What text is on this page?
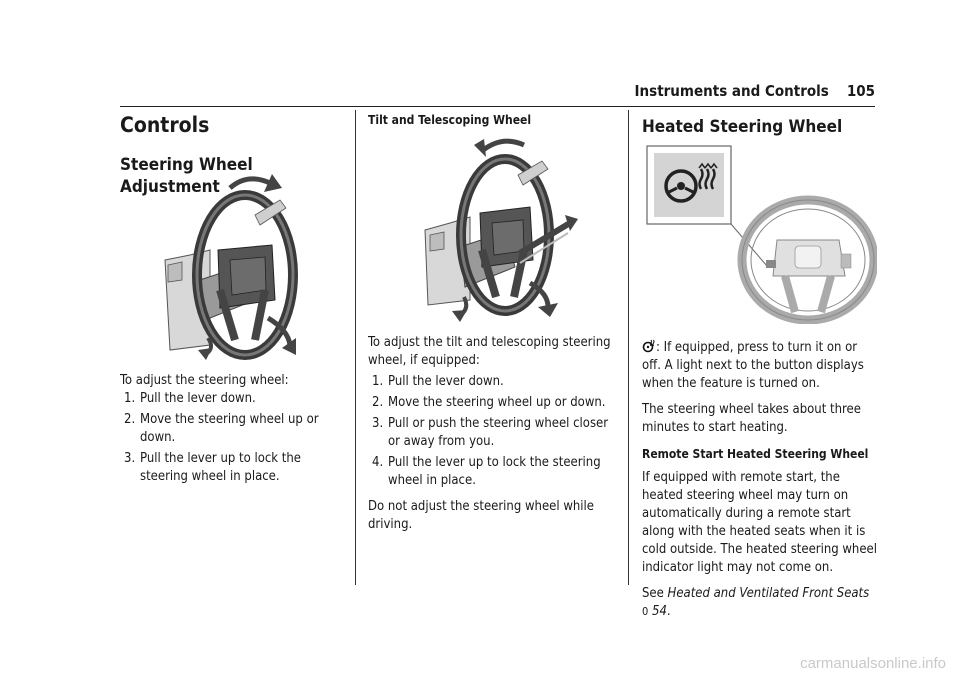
Instruments and Controls 105
Controls
Steering Wheel Adjustment

To adjust the steering wheel:

1. Pull the lever down.
2. Move the steering wheel up or down.
3. Pull the lever up to lock the steering wheel in place.
Tilt and Telescoping Wheel

To adjust the tilt and telescoping steering wheel, if equipped:

1. Pull the lever down.
2. Move the steering wheel up or down.
3. Pull or push the steering wheel closer or away from you.
4. Pull the lever up to lock the steering wheel in place.

Do not adjust the steering wheel while driving.

Heated Steering Wheel

: If equipped, press to turn it on or off. A light next to the button displays when the feature is turned on.

The steering wheel takes about three minutes to start heating.

Remote Start Heated Steering Wheel

If equipped with remote start, the heated steering wheel may turn on automatically during a remote start along with the heated seats when it is cold outside. The heated steering wheel indicator light may not come on.

See Heated and Ventilated Front Seats 0 54.

carmanualsonline.info
